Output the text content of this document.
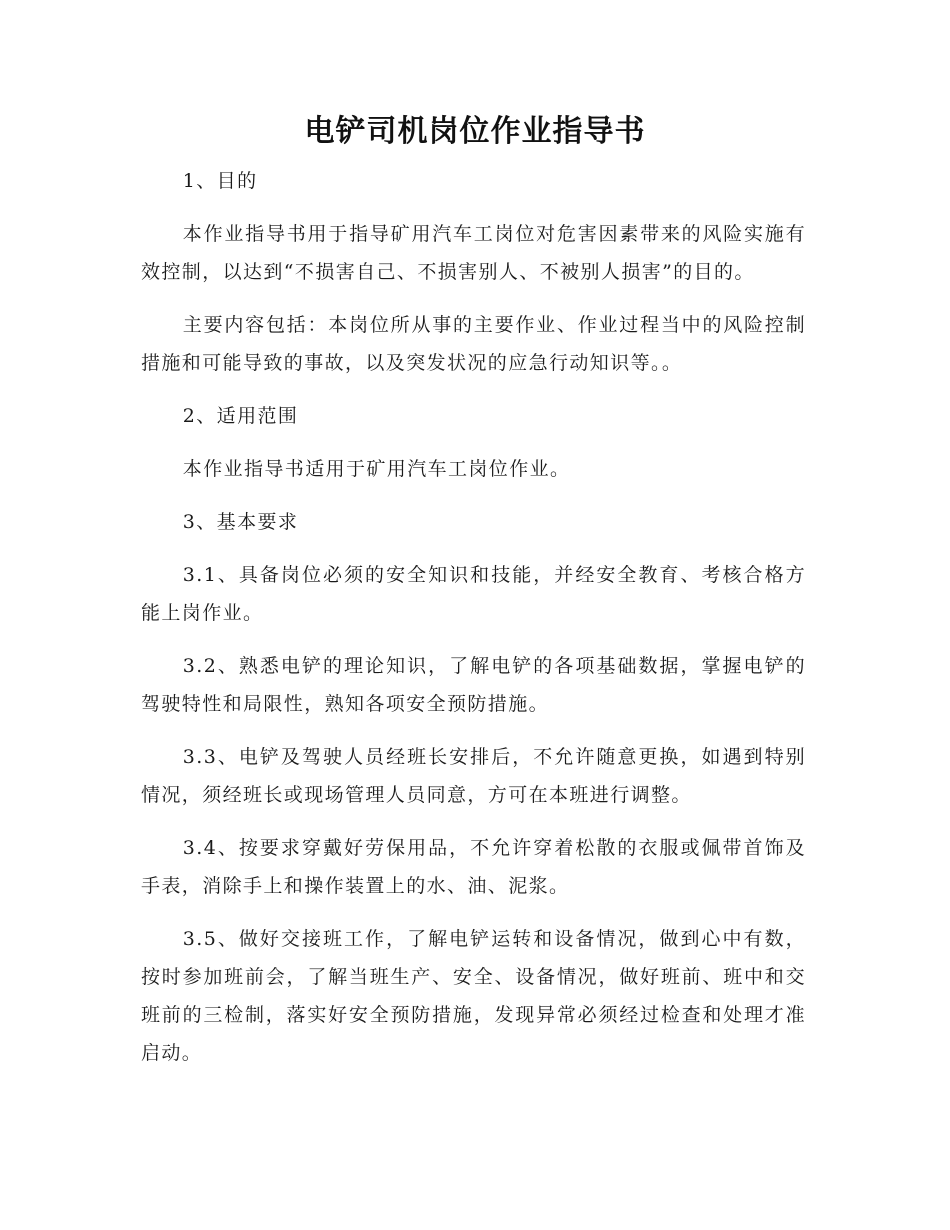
电铲司机岗位作业指导书

1、目的

本作业指导书用于指导矿用汽车工岗位对危害因素带来的风险实施有效控制，以达到“不损害自己、不损害别人、不被别人损害”的目的。

主要内容包括：本岗位所从事的主要作业、作业过程当中的风险控制措施和可能导致的事故，以及突发状况的应急行动知识等。。

2、适用范围

本作业指导书适用于矿用汽车工岗位作业。

3、基本要求

3.1、具备岗位必须的安全知识和技能，并经安全教育、考核合格方能上岗作业。

3.2、熟悉电铲的理论知识，了解电铲的各项基础数据，掌握电铲的驾驶特性和局限性，熟知各项安全预防措施。

3.3、电铲及驾驶人员经班长安排后，不允许随意更换，如遇到特别情况，须经班长或现场管理人员同意，方可在本班进行调整。

3.4、按要求穿戴好劳保用品，不允许穿着松散的衣服或佩带首饰及手表，消除手上和操作装置上的水、油、泥浆。

3.5、做好交接班工作，了解电铲运转和设备情况，做到心中有数，按时参加班前会，了解当班生产、安全、设备情况，做好班前、班中和交班前的三检制，落实好安全预防措施，发现异常必须经过检查和处理才准启动。
